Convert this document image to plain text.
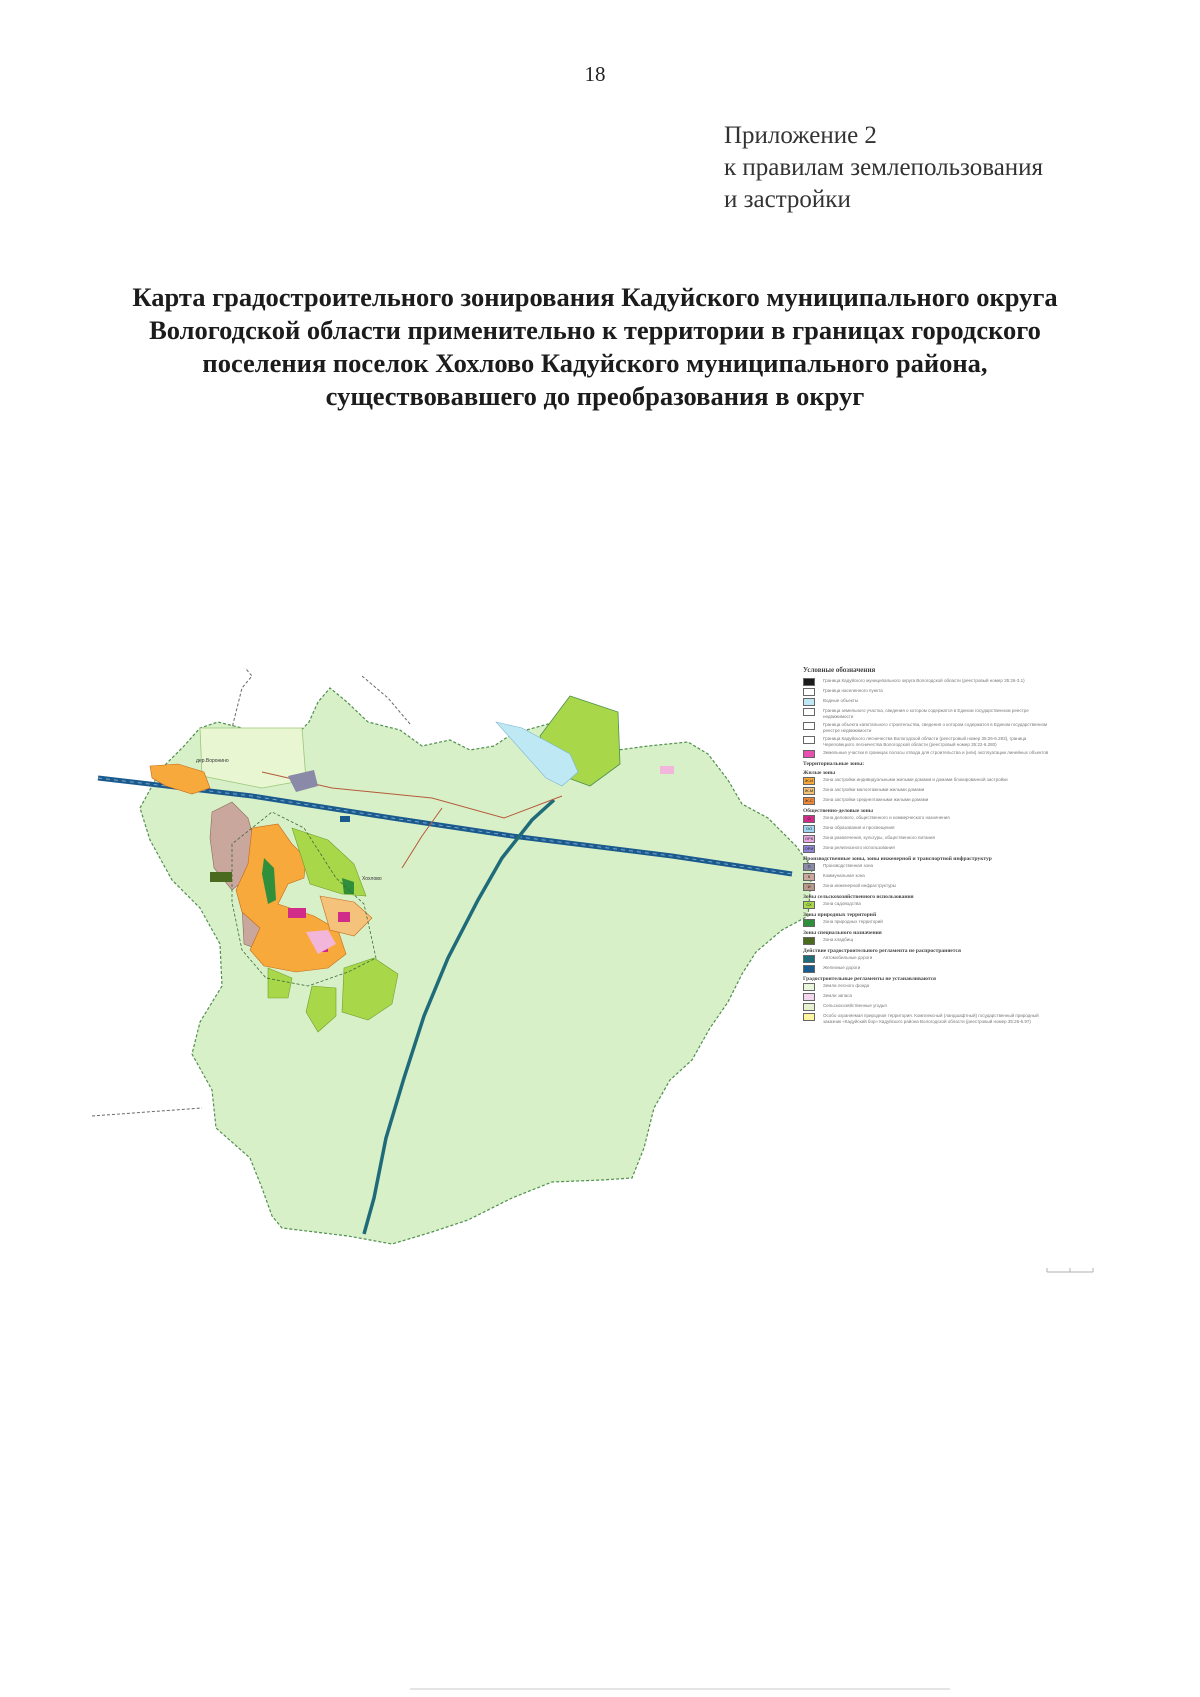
18
Приложение 2
к правилам землепользования
и застройки
Карта градостроительного зонирования Кадуйского муниципального округа
Вологодской области применительно к территории в границах городского
поселения поселок Хохлово Кадуйского муниципального района,
существовавшего до преобразования в округ
дер.Воронино
Хохлово
Условные обозначения
Граница Кадуйского муниципального округа Вологодской области (реестровый номер 35:26-3.1)
Граница населенного пункта
Водные объекты
Граница земельного участка, сведения о котором содержатся в Едином государственном реестре недвижимости
Граница объекта капитального строительства, сведения о котором содержатся в Едином государственном реестре недвижимости
Граница Кадуйского лесничества Вологодской области (реестровый номер 35:26-6.283), граница Череповецкого лесничества Вологодской области (реестровый номер 35:22-6.280)
Земельные участки в границах полосы отвода для строительства и (или) эксплуатации линейных объектов
Территориальные зоны:
Жилые зоны
Ж-И	Зона застройки индивидуальными жилыми домами и домами блокированной застройки
Ж-М	Зона застройки малоэтажными жилыми домами
Ж-С	Зона застройки среднеэтажными жилыми домами
Общественно-деловые зоны
О	Зона делового, общественного и коммерческого назначения
ОО	Зона образования и просвещения
ОРК	Зона развлечения, культуры, общественного питания
ОРИ	Зона религиозного использования
Производственные зоны, зоны инженерной и транспортной инфраструктур
П	Производственная зона
К	Коммунальная зона
И	Зона инженерной инфраструктуры
Зоны сельскохозяйственного использования
СХ	Зона садоводства
Зоны природных территорий
Зона природных территорий
Зоны специального назначения
Зона кладбищ
Действие градостроительного регламента не распространяется
Автомобильные дороги
Железные дороги
Градостроительные регламенты не устанавливаются
Земли лесного фонда
Земли запаса
Сельскохозяйственные угодья
Особо охраняемая природная территория. Комплексный (ландшафтный) государственный природный заказник «Кадуйский бор» Кадуйского района Вологодской области (реестровый номер 35:26-6.97)
